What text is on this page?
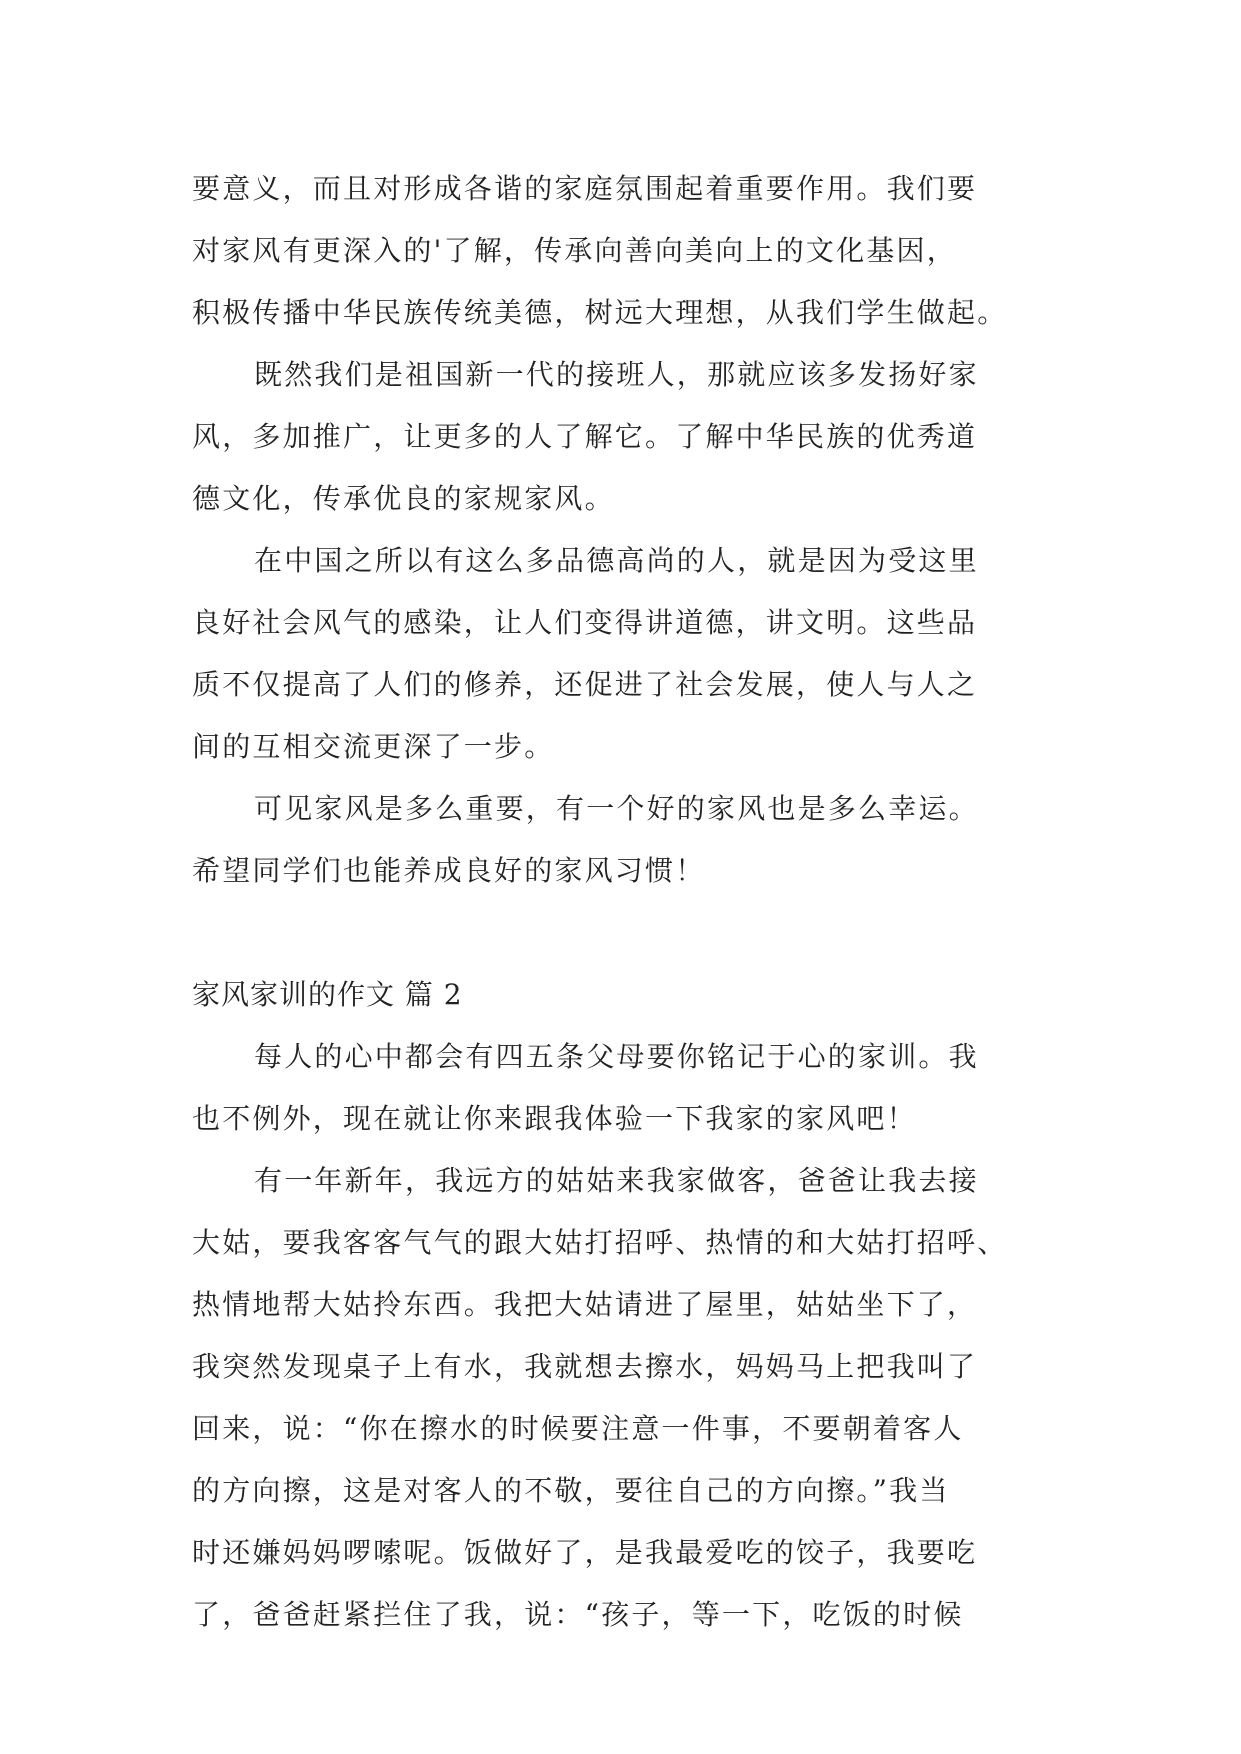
要意义，而且对形成各谐的家庭氛围起着重要作用。我们要
对家风有更深入的'了解，传承向善向美向上的文化基因，
积极传播中华民族传统美德，树远大理想，从我们学生做起。
既然我们是祖国新一代的接班人，那就应该多发扬好家
风，多加推广，让更多的人了解它。了解中华民族的优秀道
德文化，传承优良的家规家风。
在中国之所以有这么多品德高尚的人，就是因为受这里
良好社会风气的感染，让人们变得讲道德，讲文明。这些品
质不仅提高了人们的修养，还促进了社会发展，使人与人之
间的互相交流更深了一步。
可见家风是多么重要，有一个好的家风也是多么幸运。
希望同学们也能养成良好的家风习惯！
家风家训的作文 篇 2
每人的心中都会有四五条父母要你铭记于心的家训。我
也不例外，现在就让你来跟我体验一下我家的家风吧！
有一年新年，我远方的姑姑来我家做客，爸爸让我去接
大姑，要我客客气气的跟大姑打招呼、热情的和大姑打招呼、
热情地帮大姑拎东西。我把大姑请进了屋里，姑姑坐下了，
我突然发现桌子上有水，我就想去擦水，妈妈马上把我叫了
回来，说：“你在擦水的时候要注意一件事，不要朝着客人
的方向擦，这是对客人的不敬，要往自己的方向擦。”我当
时还嫌妈妈啰嗦呢。饭做好了，是我最爱吃的饺子，我要吃
了，爸爸赶紧拦住了我，说：“孩子，等一下，吃饭的时候
